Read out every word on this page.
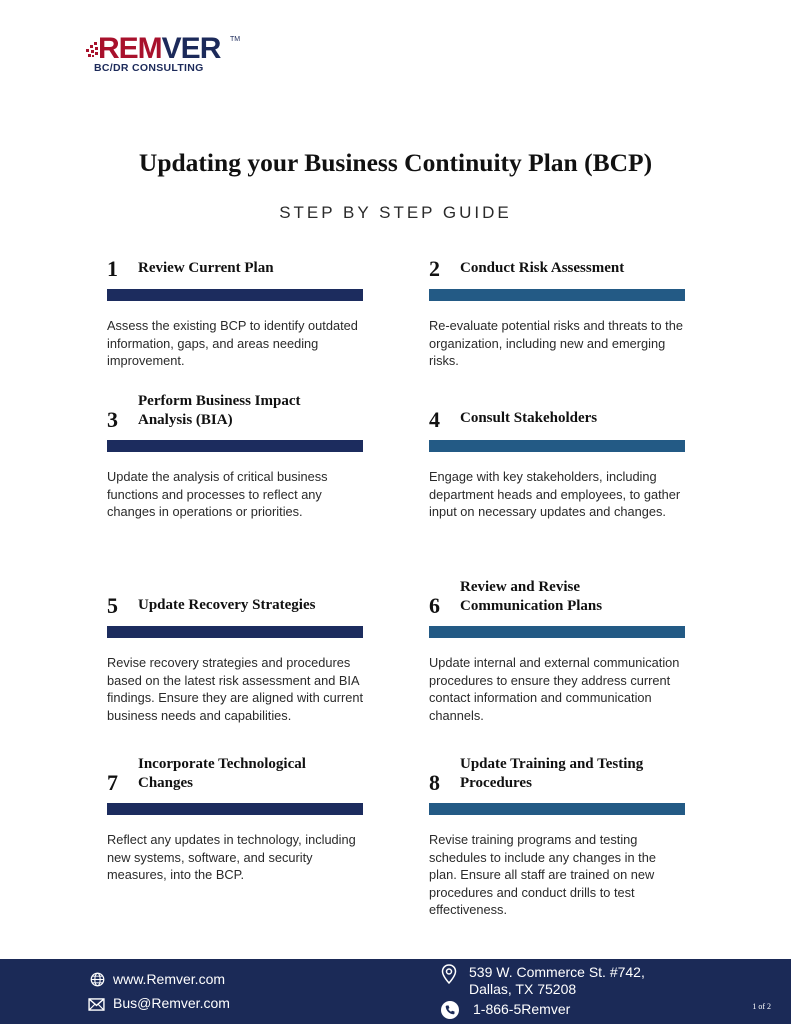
REMVER TM
BC/DR CONSULTING
Updating your Business Continuity Plan (BCP)
STEP BY STEP GUIDE
1 Review Current Plan
Assess the existing BCP to identify outdated information, gaps, and areas needing improvement.
2 Conduct Risk Assessment
Re-evaluate potential risks and threats to the organization, including new and emerging risks.
3
Perform Business Impact Analysis (BIA)
Update the analysis of critical business functions and processes to reflect any changes in operations or priorities.
4 Consult Stakeholders
Engage with key stakeholders, including department heads and employees, to gather input on necessary updates and changes.
5 Update Recovery Strategies
Revise recovery strategies and procedures based on the latest risk assessment and BIA findings. Ensure they are aligned with current business needs and capabilities.
6
Review and Revise Communication Plans
Update internal and external communication procedures to ensure they address current contact information and communication channels.
7
Incorporate Technological Changes
Reflect any updates in technology, including new systems, software, and security measures, into the BCP.
8
Update Training and Testing Procedures
Revise training programs and testing schedules to include any changes in the plan. Ensure all staff are trained on new procedures and conduct drills to test effectiveness.
www.Remver.com
Bus@Remver.com
539 W. Commerce St. #742,
Dallas, TX 75208
1-866-5Remver	1 of 2
